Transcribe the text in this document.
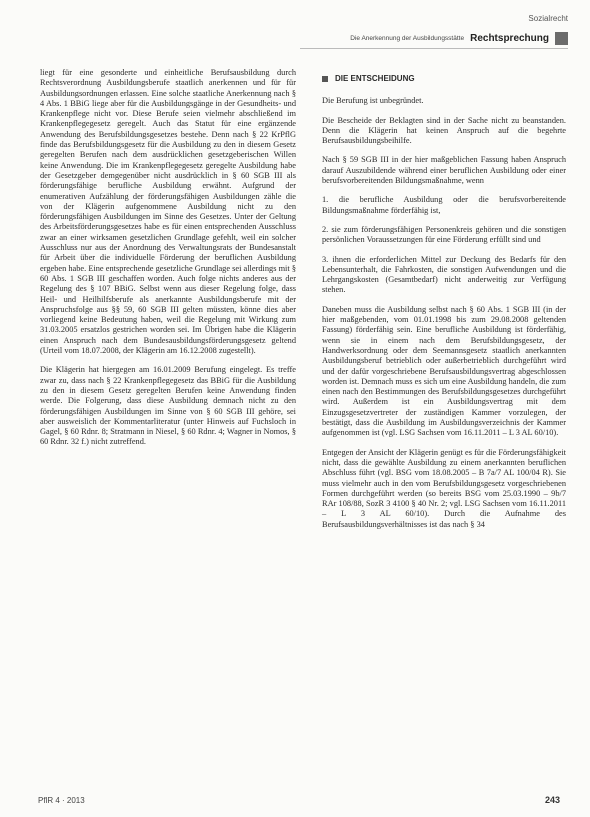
Sozialrecht
Die Anerkennung der Ausbildungsstätte Rechtsprechung

liegt für eine gesonderte und einheitliche Berufsausbildung durch Rechtsverordnung Ausbildungsberufe staatlich anerkennen und für für Ausbildungsordnungen erlassen. Eine solche staatliche Anerkennung nach § 4 Abs. 1 BBiG liege aber für die Ausbildungsgänge in der Gesundheits- und Krankenpflege nicht vor. Diese Berufe seien vielmehr abschließend im Krankenpflegegesetz geregelt. Auch das Statut für eine ergänzende Anwendung des Berufsbildungsgesetzes bestehe. Denn nach § 22 KrPflG finde das Berufsbildungsgesetz für die Ausbildung zu den in diesem Gesetz geregelten Berufen nach dem ausdrücklichen gesetzgeberischen Willen keine Anwendung. Die im Krankenpflegegesetz geregelte Ausbildung habe der Gesetzgeber demgegenüber nicht ausdrücklich in § 60 SGB III als förderungsfähige berufliche Ausbildung erwähnt. Aufgrund der enumerativen Aufzählung der förderungsfähigen Ausbildungen zähle die von der Klägerin aufgenommene Ausbildung nicht zu den förderungsfähigen Ausbildungen im Sinne des Gesetzes. Unter der Geltung des Arbeitsförderungsgesetzes habe es für einen entsprechenden Ausschluss zwar an einer wirksamen gesetzlichen Grundlage gefehlt, weil ein solcher Ausschluss nur aus der Anordnung des Verwaltungsrats der Bundesanstalt für Arbeit über die individuelle Förderung der beruflichen Ausbildung ergeben habe. Eine entsprechende gesetzliche Grundlage sei allerdings mit § 60 Abs. 1 SGB III geschaffen worden. Auch folge nichts anderes aus der Regelung des § 107 BBiG. Selbst wenn aus dieser Regelung folge, dass Heil- und Heilhilfsberufe als anerkannte Ausbildungsberufe mit der Anspruchsfolge aus §§ 59, 60 SGB III gelten müssten, könne dies aber vorliegend keine Bedeutung haben, weil die Regelung mit Wirkung zum 31.03.2005 ersatzlos gestrichen worden sei. Im Übrigen habe die Klägerin einen Anspruch nach dem Bundesausbildungsförderungsgesetz geltend (Urteil vom 18.07.2008, der Klägerin am 16.12.2008 zugestellt).

Die Klägerin hat hiergegen am 16.01.2009 Berufung eingelegt. Es treffe zwar zu, dass nach § 22 Krankenpflegegesetz das BBiG für die Ausbildung zu den in diesem Gesetz geregelten Berufen keine Anwendung finden werde. Die Folgerung, dass diese Ausbildung demnach nicht zu den förderungsfähigen Ausbildungen im Sinne von § 60 SGB III gehöre, sei aber ausweislich der Kommentarliteratur (unter Hinweis auf Fuchsloch in Gagel, § 60 Rdnr. 8; Stratmann in Niesel, § 60 Rdnr. 4; Wagner in Nomos, § 60 Rdnr. 32 f.) nicht zutreffend.

DIE ENTSCHEIDUNG

Die Berufung ist unbegründet.

Die Bescheide der Beklagten sind in der Sache nicht zu beanstanden. Denn die Klägerin hat keinen Anspruch auf die begehrte Berufsausbildungsbeihilfe.

Nach § 59 SGB III in der hier maßgeblichen Fassung haben Anspruch darauf Auszubildende während einer beruflichen Ausbildung oder einer berufsvorbereitenden Bildungsmaßnahme, wenn

1. die berufliche Ausbildung oder die berufsvorbereitende Bildungsmaßnahme förderfähig ist,

2. sie zum förderungsfähigen Personenkreis gehören und die sonstigen persönlichen Voraussetzungen für eine Förderung erfüllt sind und

3. ihnen die erforderlichen Mittel zur Deckung des Bedarfs für den Lebensunterhalt, die Fahrkosten, die sonstigen Aufwendungen und die Lehrgangskosten (Gesamtbedarf) nicht anderweitig zur Verfügung stehen.

Daneben muss die Ausbildung selbst nach § 60 Abs. 1 SGB III (in der hier maßgebenden, vom 01.01.1998 bis zum 29.08.2008 geltenden Fassung) förderfähig sein. Eine berufliche Ausbildung ist förderfähig, wenn sie in einem nach dem Berufsbildungsgesetz, der Handwerksordnung oder dem Seemannsgesetz staatlich anerkannten Ausbildungsberuf betrieblich oder außerbetrieblich durchgeführt wird und der dafür vorgeschriebene Berufsausbildungsvertrag abgeschlossen worden ist. Demnach muss es sich um eine Ausbildung handeln, die zum einen nach den Bestimmungen des Berufsbildungsgesetzes durchgeführt wird. Außerdem ist ein Ausbildungsvertrag mit dem Einzugsgesetzvertreter der zuständigen Kammer vorzulegen, der bestätigt, dass die Ausbildung im Ausbildungsverzeichnis der Kammer aufgenommen ist (vgl. LSG Sachsen vom 16.11.2011 – L 3 AL 60/10).

Entgegen der Ansicht der Klägerin genügt es für die Förderungsfähigkeit nicht, dass die gewählte Ausbildung zu einem anerkannten beruflichen Abschluss führt (vgl. BSG vom 18.08.2005 – B 7a/7 AL 100/04 R). Sie muss vielmehr auch in den vom Berufsbildungsgesetz vorgeschriebenen Formen durchgeführt werden (so bereits BSG vom 25.03.1990 – 9b/7 RAr 108/88, SozR 3 4100 § 40 Nr. 2; vgl. LSG Sachsen vom 16.11.2011 – L 3 AL 60/10). Durch die Aufnahme des Berufsausbildungsverhältnisses ist das nach § 34

PflR 4 · 2013	243
